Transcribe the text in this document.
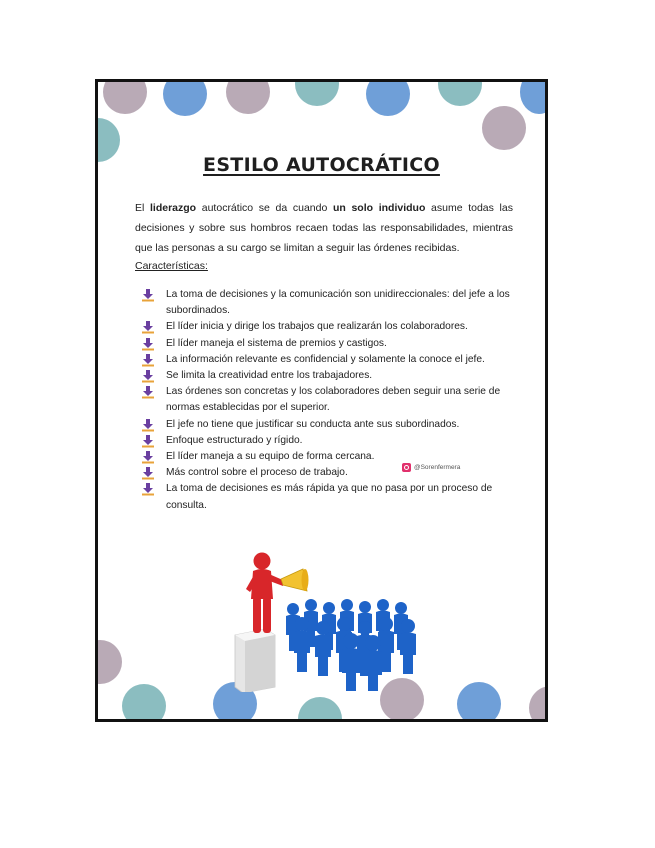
ESTILO AUTOCRÁTICO

El liderazgo autocrático se da cuando un solo individuo asume todas las decisiones y sobre sus hombros recaen todas las responsabilidades, mientras que las personas a su cargo se limitan a seguir las órdenes recibidas.

Características:
La toma de decisiones y la comunicación son unidireccionales: del jefe a los subordinados.
El líder inicia y dirige los trabajos que realizarán los colaboradores.
El líder maneja el sistema de premios y castigos.
La información relevante es confidencial y solamente la conoce el jefe.
Se limita la creatividad entre los trabajadores.
Las órdenes son concretas y los colaboradores deben seguir una serie de normas establecidas por el superior.
El jefe no tiene que justificar su conducta ante sus subordinados.
Enfoque estructurado y rígido.
El líder maneja a su equipo de forma cercana.
Más control sobre el proceso de trabajo.
La toma de decisiones es más rápida ya que no pasa por un proceso de consulta.
@Sorenfermera
